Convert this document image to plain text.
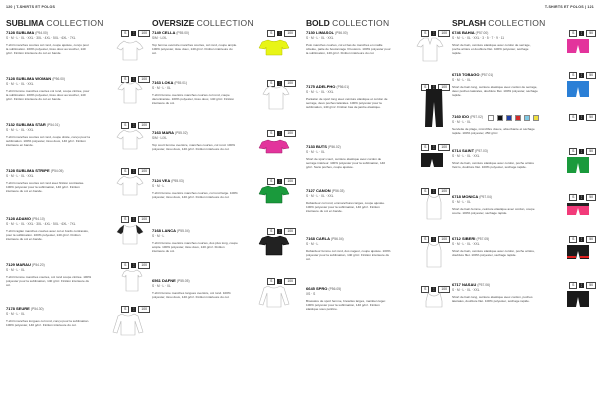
120 | T-SHIRTS ET POLOS
SUBLIMA COLLECTION
7128 SUBLIMA (P54.00)
S · M · L · XL · XXL · 3XL · 4XL · 5XL · 6XL · 7XL
T-shirt manches courtes col rond, coupe ajustée, conçu pour la sublimation. 100% polyester, tissu doux au toucher, 140 g/m². Finition intérieure du col en bande.
S	¦	100
7128 SUBLIMA WOMAN (P56.00)
S · M · L · XL · XXL
T-shirt femme manches courtes col rond, coupe cintrée, pour la sublimation. 100% polyester, tissu doux au toucher, 140 g/m². Finition intérieure du col en bande.
S	¦	100
7132 SUBLIMA STAR (P54.01)
S · M · L · XL · XXL
T-shirt manches courtes col rond, coupe droite, conçu pour la sublimation. 100% polyester, tissu doux, 140 g/m². Finition intérieure en bande.
S	¦	100
7128 SUBLIMA STRIPE (P54.05)
S · M · L · XL · XXL
T-shirt manches courtes col rond avec finition contrastée. 100% polyester pour la sublimation, 140 g/m². Finition intérieure du col en bande.
S	¦	100
7128 ADAMO (P54.10)
S · M · L · XL · XXL · 3XL · 4XL · 5XL · 6XL · 7XL
T-shirt raglan manches courtes avec col et bords contrastés, pour la sublimation. 100% polyester, 140 g/m². Finition intérieure du col en bande.
S	¦	100
7129 MARAU (P54.20)
S · M · L · XL
T-shirt femme manches courtes, col rond coupe cintrée. 100% polyester pour la sublimation, 140 g/m². Finition intérieure du col.
S	¦	100
7178 SEURE (P54.30)
S · M · L · XL
T-shirt manches longues col rond, conçu pour la sublimation. 100% polyester, 140 g/m². Finition intérieure du col.
S	¦	100
OVERSIZE COLLECTION
7149 CELLA (P55.00)
S/M · L/XL
Top femme oversize manches courtes, col rond, coupe ample. 100% polyester, tissu doux, 140 g/m². Finition intérieure du col.
S	¦	100
7163 LOKA (P55.01)
S · M · L · XL
T-shirt femme oversize manches courtes col rond, coupe décontractée. 100% polyester, tissu doux, 140 g/m². Finition intérieure du col.
S	¦	100
7163 MARA (P55.02)
S/M · L/XL
Top court femme oversize, manches courtes, col rond. 100% polyester, tissu doux, 140 g/m². Finition intérieure du col.
S	¦	100
7124 VEA (P55.03)
S · M · L
T-shirt femme oversize manches courtes, col rond large. 100% polyester, tissu doux, 140 g/m². Finition intérieure du col.
S	¦	100
7168 LANCA (P55.04)
S · M · L
T-shirt femme oversize manches courtes, dos plus long, coupe ample. 100% polyester, tissu doux, 140 g/m². Finition intérieure du col.
S	¦	100
6561 DAFNE (P55.05)
S · M · L · XL
T-shirt femme manches longues oversize, col rond. 100% polyester, tissu doux, 140 g/m². Finition intérieure du col.
S	¦	100
T-SHIRTS ET POLOS | 121
BOLD COLLECTION
7130 LIMASOL (P56.00)
S · M · L · XL · XXL
Polo manches courtes, col et bas de manches en maille côtelée, patte de boutonnage 3 boutons. 100% polyester pour la sublimation, 140 g/m². Finition intérieure du col.
S	¦	100
7175 ADELPHO (P56.01)
S · M · L · XL · XXL
Pantalon de sport long avec ceinture élastique et cordon de serrage, deux poches latérales. 100% polyester pour la sublimation, 140 g/m². Finition bas de jambe élastique.
S	¦	100
7133 BUTS (P56.02)
S · M · L · XL
Short de sport court, ceinture élastique avec cordon de serrage intérieur. 100% polyester pour la sublimation, 140 g/m². Sans poches, coupe ajustée.
S	¦	100
7127 CANON (P56.03)
S · M · L · XL · XXL
Débardeur col rond, emmanchures larges, coupe ajustée. 100% polyester pour la sublimation, 140 g/m². Finition intérieure du col en bande.
S	¦	100
7168 CARLA (P56.04)
S · M · L
Débardeur femme col rond, dos nageur, coupe ajustée. 100% polyester pour la sublimation, 140 g/m². Finition intérieure du col.
S	¦	100
6645 SPRO (P56.05)
XS · S
Brassière de sport femme, bretelles larges, maintien léger. 100% polyester pour la sublimation, 140 g/m². Finition élastique sous poitrine.
S	¦	100
SPLASH COLLECTION
6746 BAHIA (P57.00)
S · M · L · XL · XXL · 3 · 5 · 7 · 9 · 11
Short de bain, ceinture élastique avec cordon de serrage, poche arrière et doublure filet. 100% polyester, séchage rapide.
S	¦	50
6715 TOBAGO (P57.01)
S · M · L · XL
Short de bain long, ceinture élastique avec cordon de serrage, deux poches latérales, doublure filet. 100% polyester, séchage rapide.
S	¦	50
7160 IDO (P57.02)
S · M · L · XL
Serviette de plage, microfibre douce, absorbante et séchage rapide. 100% polyester, 250 g/m².
S	¦	50
6714 SAINT (P57.03)
S · M · L · XL · XXL
Short de bain, ceinture élastique avec cordon, poche arrière Velcro, doublure filet. 100% polyester, séchage rapide.
S	¦	50
6718 MONICA (P57.04)
S · M · L · XL
Short de bain femme, ceinture élastique avec cordon, coupe courte. 100% polyester, séchage rapide.
S	¦	50
6712 SIBERI (P57.05)
S · M · L · XL · XXL
Short de bain, ceinture élastique avec cordon, poche arrière, doublure filet. 100% polyester, séchage rapide.
S	¦	50
6717 NASAU (P57.06)
S · M · L · XL · XXL
Short de bain long, ceinture élastique avec cordon, poches latérales, doublure filet. 100% polyester, séchage rapide.
S	¦	50
